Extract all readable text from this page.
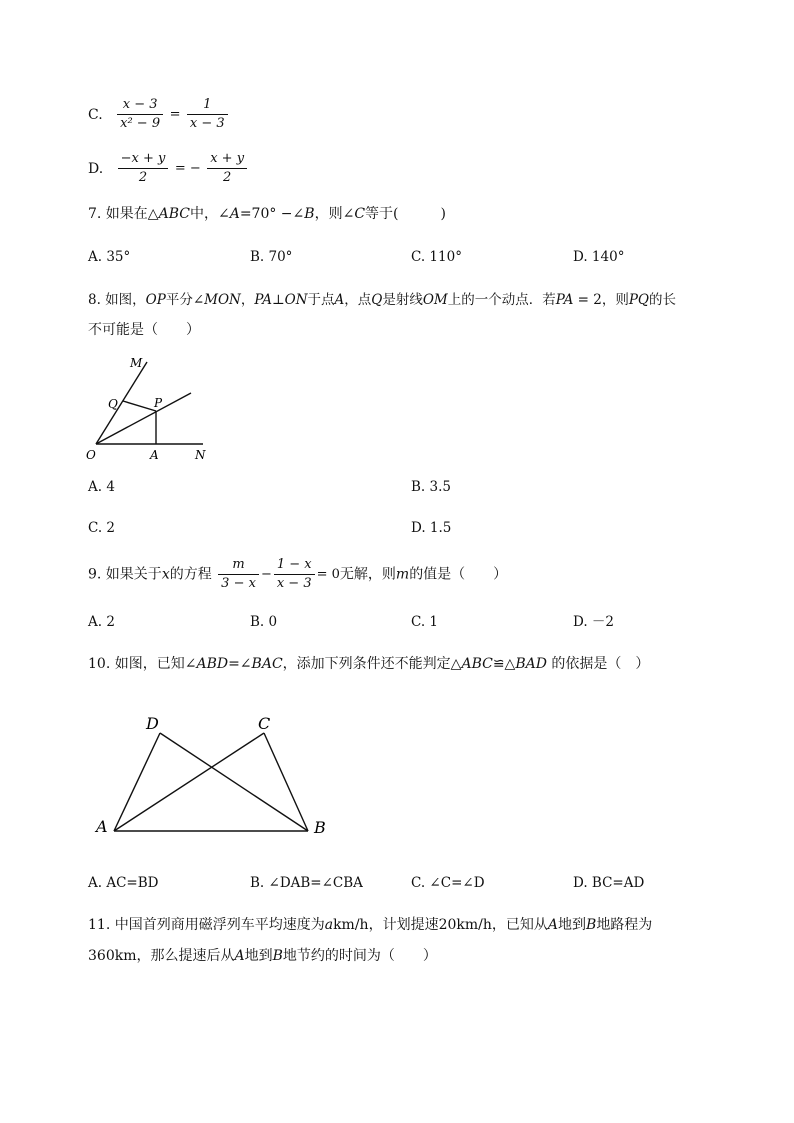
C. $\frac{x - 3}{\text{x² − 9}} = \frac{1}{x - 3}$
D. $\frac{-x + y}{2}$ = − $\frac{x + y}{2}$
7. 如果在△ABC中，∠A=70° −∠B，则∠C等于(　　　)
A. 35°	B. 70°	C. 110°	D. 140°
8. 如图，OP平分∠MON，PA⊥ON于点A，点Q是射线OM上的一个动点．若PA = 2，则PQ的长
不可能是（　　）
M
Q	P
O	A	N
A. 4	B. 3.5
C. 2	D. 1.5
9. 如果关于x的方程 $\frac{m}{3 - x} - \frac{1 - x}{x - 3} = 0$无解，则m的值是（　　）
A. 2	B. 0	C. 1	D. －2
10. 如图，已知∠ABD=∠BAC，添加下列条件还不能判定△ABC≌△BAD 的依据是（　）
D	C
A	B
A. AC=BD	B. ∠DAB=∠CBA	C. ∠C=∠D	D. BC=AD
11. 中国首列商用磁浮列车平均速度为akm/h，计划提速20km/h，已知从A地到B地路程为
360km，那么提速后从A地到B地节约的时间为（　　）
